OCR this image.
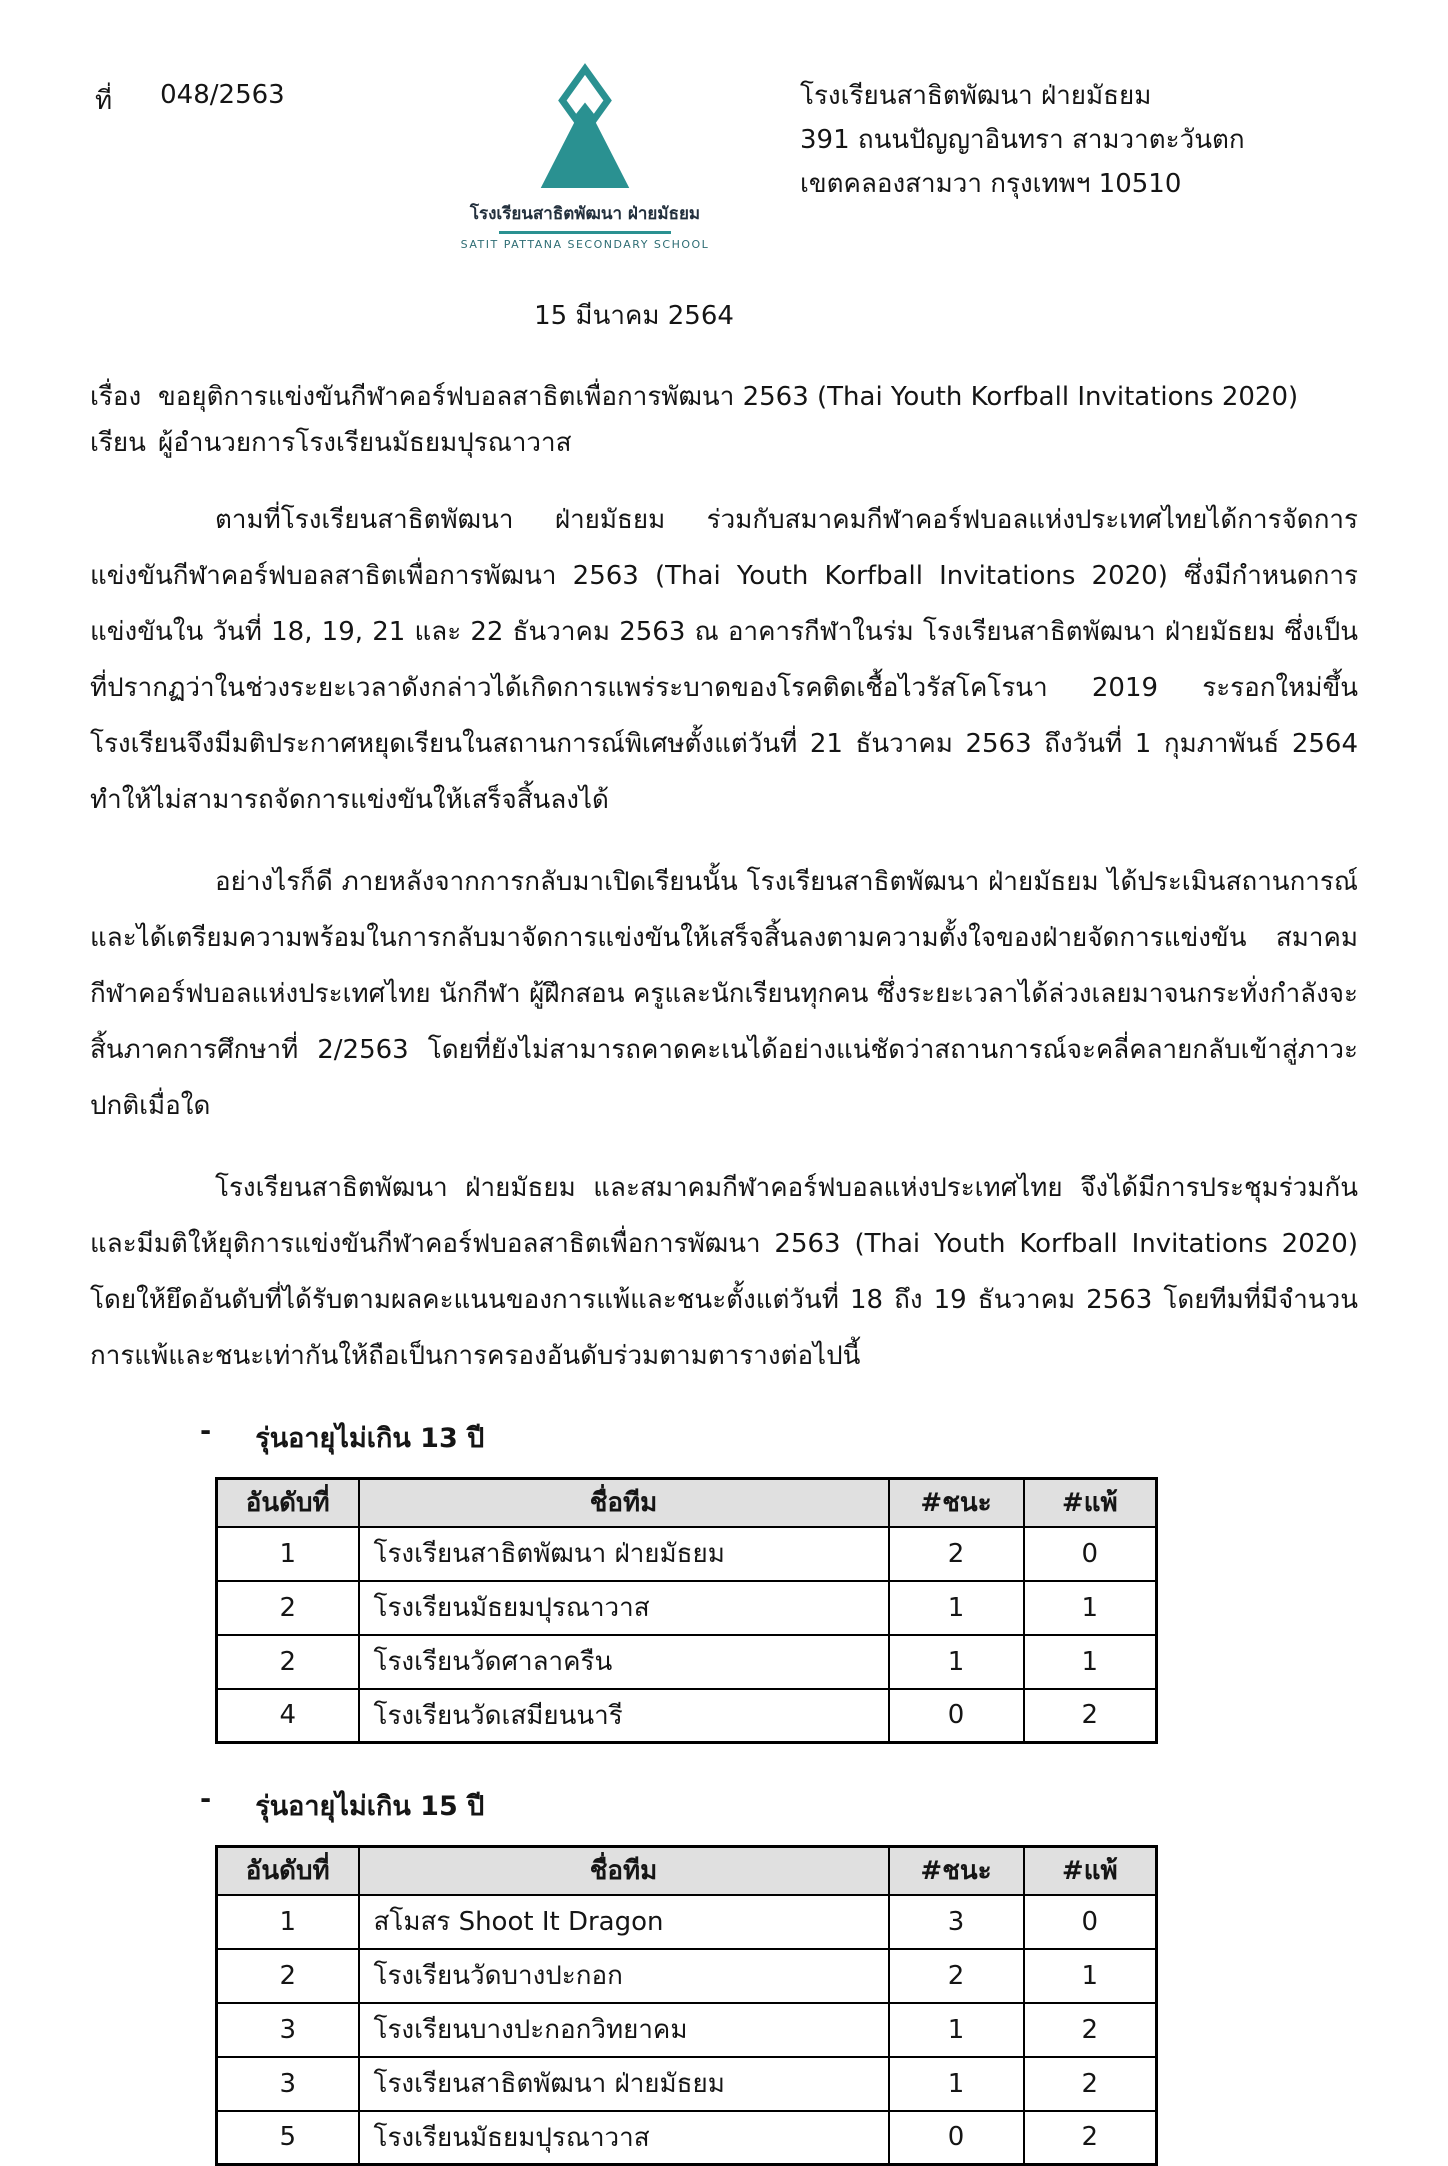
ที่ 048/2563
โรงเรียนสาธิตพัฒนา ฝ่ายมัธยม
SATIT PATTANA SECONDARY SCHOOL
โรงเรียนสาธิตพัฒนา ฝ่ายมัธยม
391 ถนนปัญญาอินทรา สามวาตะวันตก
เขตคลองสามวา กรุงเทพฯ 10510
15 มีนาคม 2564
เรื่อง ขอยุติการแข่งขันกีฬาคอร์ฟบอลสาธิตเพื่อการพัฒนา 2563 (Thai Youth Korfball Invitations 2020)
เรียน ผู้อำนวยการโรงเรียนมัธยมปุรณาวาส

ตามที่โรงเรียนสาธิตพัฒนา ฝ่ายมัธยม ร่วมกับสมาคมกีฬาคอร์ฟบอลแห่งประเทศไทยได้การจัดการแข่งขันกีฬาคอร์ฟบอลสาธิตเพื่อการพัฒนา 2563 (Thai Youth Korfball Invitations 2020) ซึ่งมีกำหนดการแข่งขันใน วันที่ 18, 19, 21 และ 22 ธันวาคม 2563 ณ อาคารกีฬาในร่ม โรงเรียนสาธิตพัฒนา ฝ่ายมัธยม ซึ่งเป็นที่ปรากฏว่าในช่วงระยะเวลาดังกล่าวได้เกิดการแพร่ระบาดของโรคติดเชื้อไวรัสโคโรนา 2019 ระรอกใหม่ขึ้น โรงเรียนจึงมีมติประกาศหยุดเรียนในสถานการณ์พิเศษตั้งแต่วันที่ 21 ธันวาคม 2563 ถึงวันที่ 1 กุมภาพันธ์ 2564 ทำให้ไม่สามารถจัดการแข่งขันให้เสร็จสิ้นลงได้

อย่างไรก็ดี ภายหลังจากการกลับมาเปิดเรียนนั้น โรงเรียนสาธิตพัฒนา ฝ่ายมัธยม ได้ประเมินสถานการณ์และได้เตรียมความพร้อมในการกลับมาจัดการแข่งขันให้เสร็จสิ้นลงตามความตั้งใจของฝ่ายจัดการแข่งขัน สมาคมกีฬาคอร์ฟบอลแห่งประเทศไทย นักกีฬา ผู้ฝึกสอน ครูและนักเรียนทุกคน ซึ่งระยะเวลาได้ล่วงเลยมาจนกระทั่งกำลังจะสิ้นภาคการศึกษาที่ 2/2563 โดยที่ยังไม่สามารถคาดคะเนได้อย่างแน่ชัดว่าสถานการณ์จะคลี่คลายกลับเข้าสู่ภาวะปกติเมื่อใด

โรงเรียนสาธิตพัฒนา ฝ่ายมัธยม และสมาคมกีฬาคอร์ฟบอลแห่งประเทศไทย จึงได้มีการประชุมร่วมกันและมีมติให้ยุติการแข่งขันกีฬาคอร์ฟบอลสาธิตเพื่อการพัฒนา 2563 (Thai Youth Korfball Invitations 2020) โดยให้ยึดอันดับที่ได้รับตามผลคะแนนของการแพ้และชนะตั้งแต่วันที่ 18 ถึง 19 ธันวาคม 2563 โดยทีมที่มีจำนวนการแพ้และชนะเท่ากันให้ถือเป็นการครองอันดับร่วมตามตารางต่อไปนี้

- รุ่นอายุไม่เกิน 13 ปี
อันดับที่	ชื่อทีม	#ชนะ	#แพ้
1	โรงเรียนสาธิตพัฒนา ฝ่ายมัธยม	2	0
2	โรงเรียนมัธยมปุรณาวาส	1	1
2	โรงเรียนวัดศาลาครืน	1	1
4	โรงเรียนวัดเสมียนนารี	0	2
- รุ่นอายุไม่เกิน 15 ปี
อันดับที่	ชื่อทีม	#ชนะ	#แพ้
1	สโมสร Shoot It Dragon	3	0
2	โรงเรียนวัดบางปะกอก	2	1
3	โรงเรียนบางปะกอกวิทยาคม	1	2
3	โรงเรียนสาธิตพัฒนา ฝ่ายมัธยม	1	2
5	โรงเรียนมัธยมปุรณาวาส	0	2
